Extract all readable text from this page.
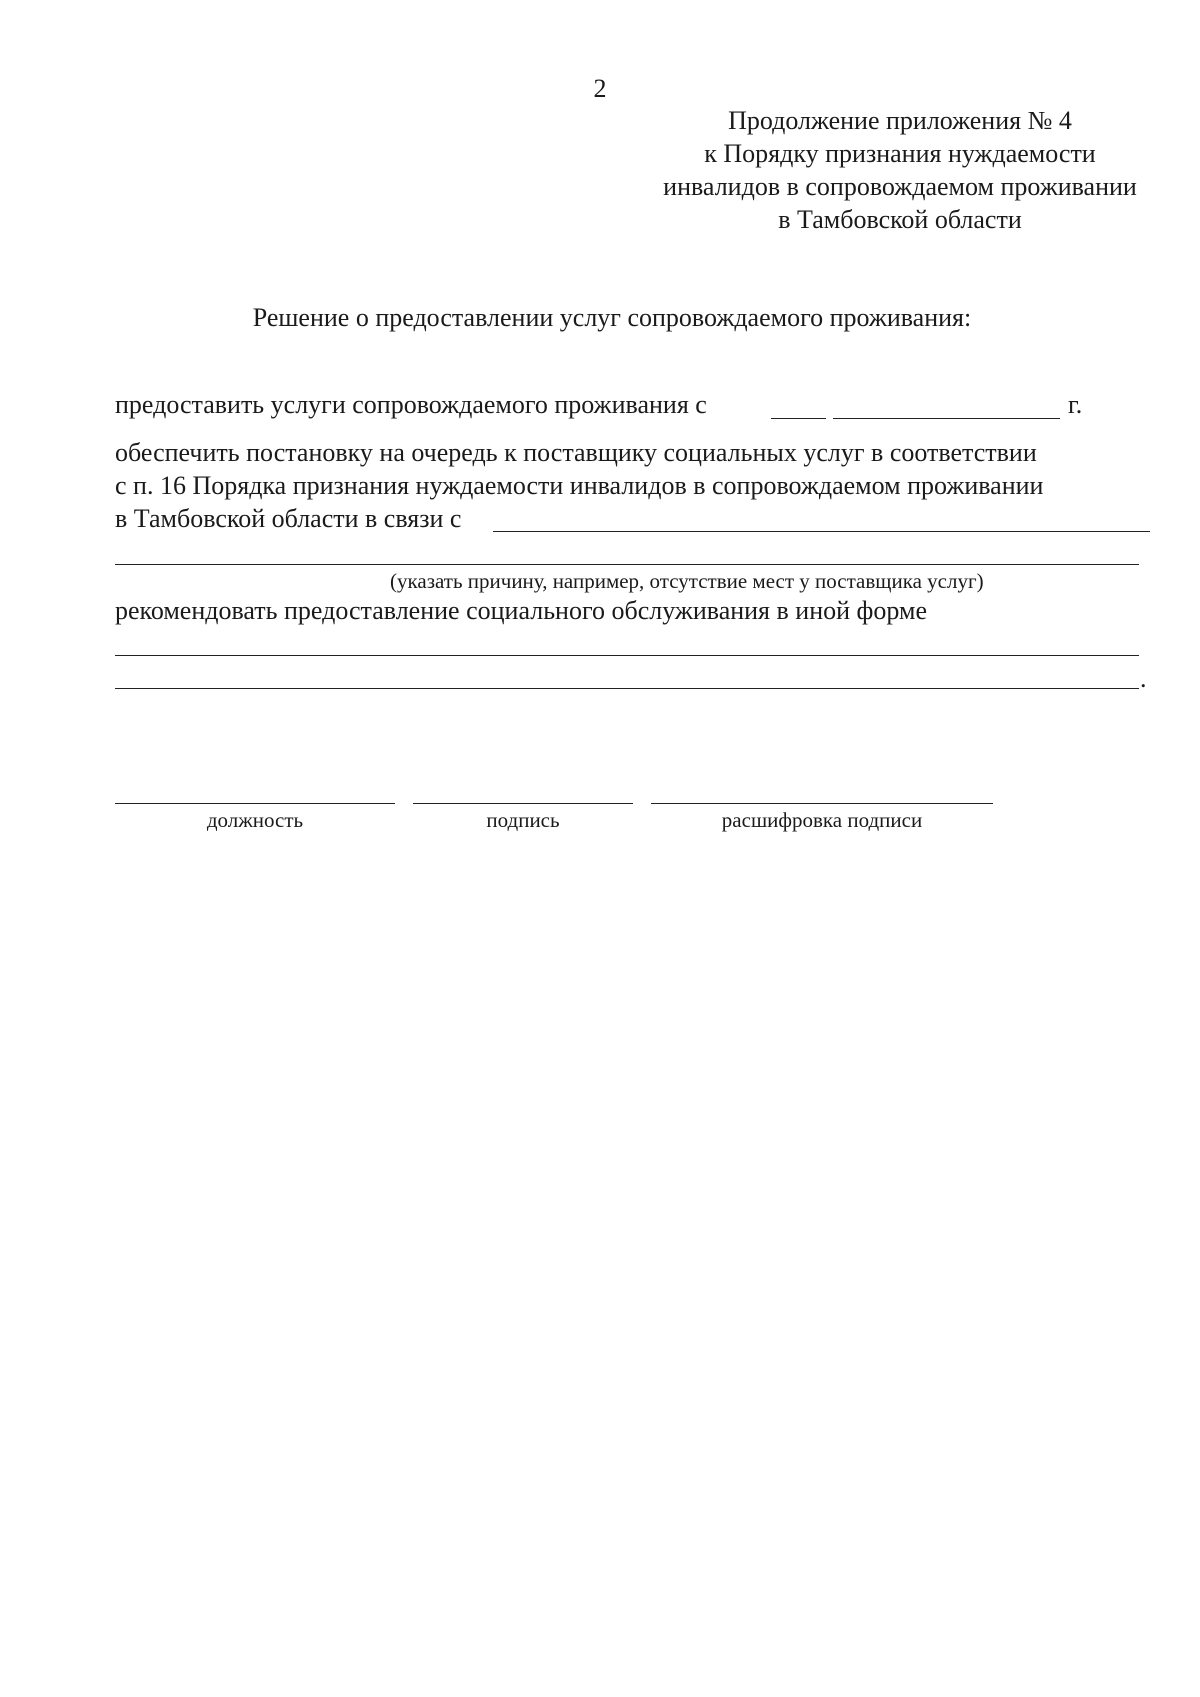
2
Продолжение приложения № 4
к Порядку признания нуждаемости
инвалидов в сопровождаемом проживании
в Тамбовской области
Решение о предоставлении услуг сопровождаемого проживания:
предоставить услуги сопровождаемого проживания с	г.
обеспечить постановку на очередь к поставщику социальных услуг в соответствии
с п. 16 Порядка признания нуждаемости инвалидов в сопровождаемом проживании
в Тамбовской области в связи с
(указать причину, например, отсутствие мест у поставщика услуг)
рекомендовать предоставление социального обслуживания в иной форме
.
должность	подпись	расшифровка подписи
